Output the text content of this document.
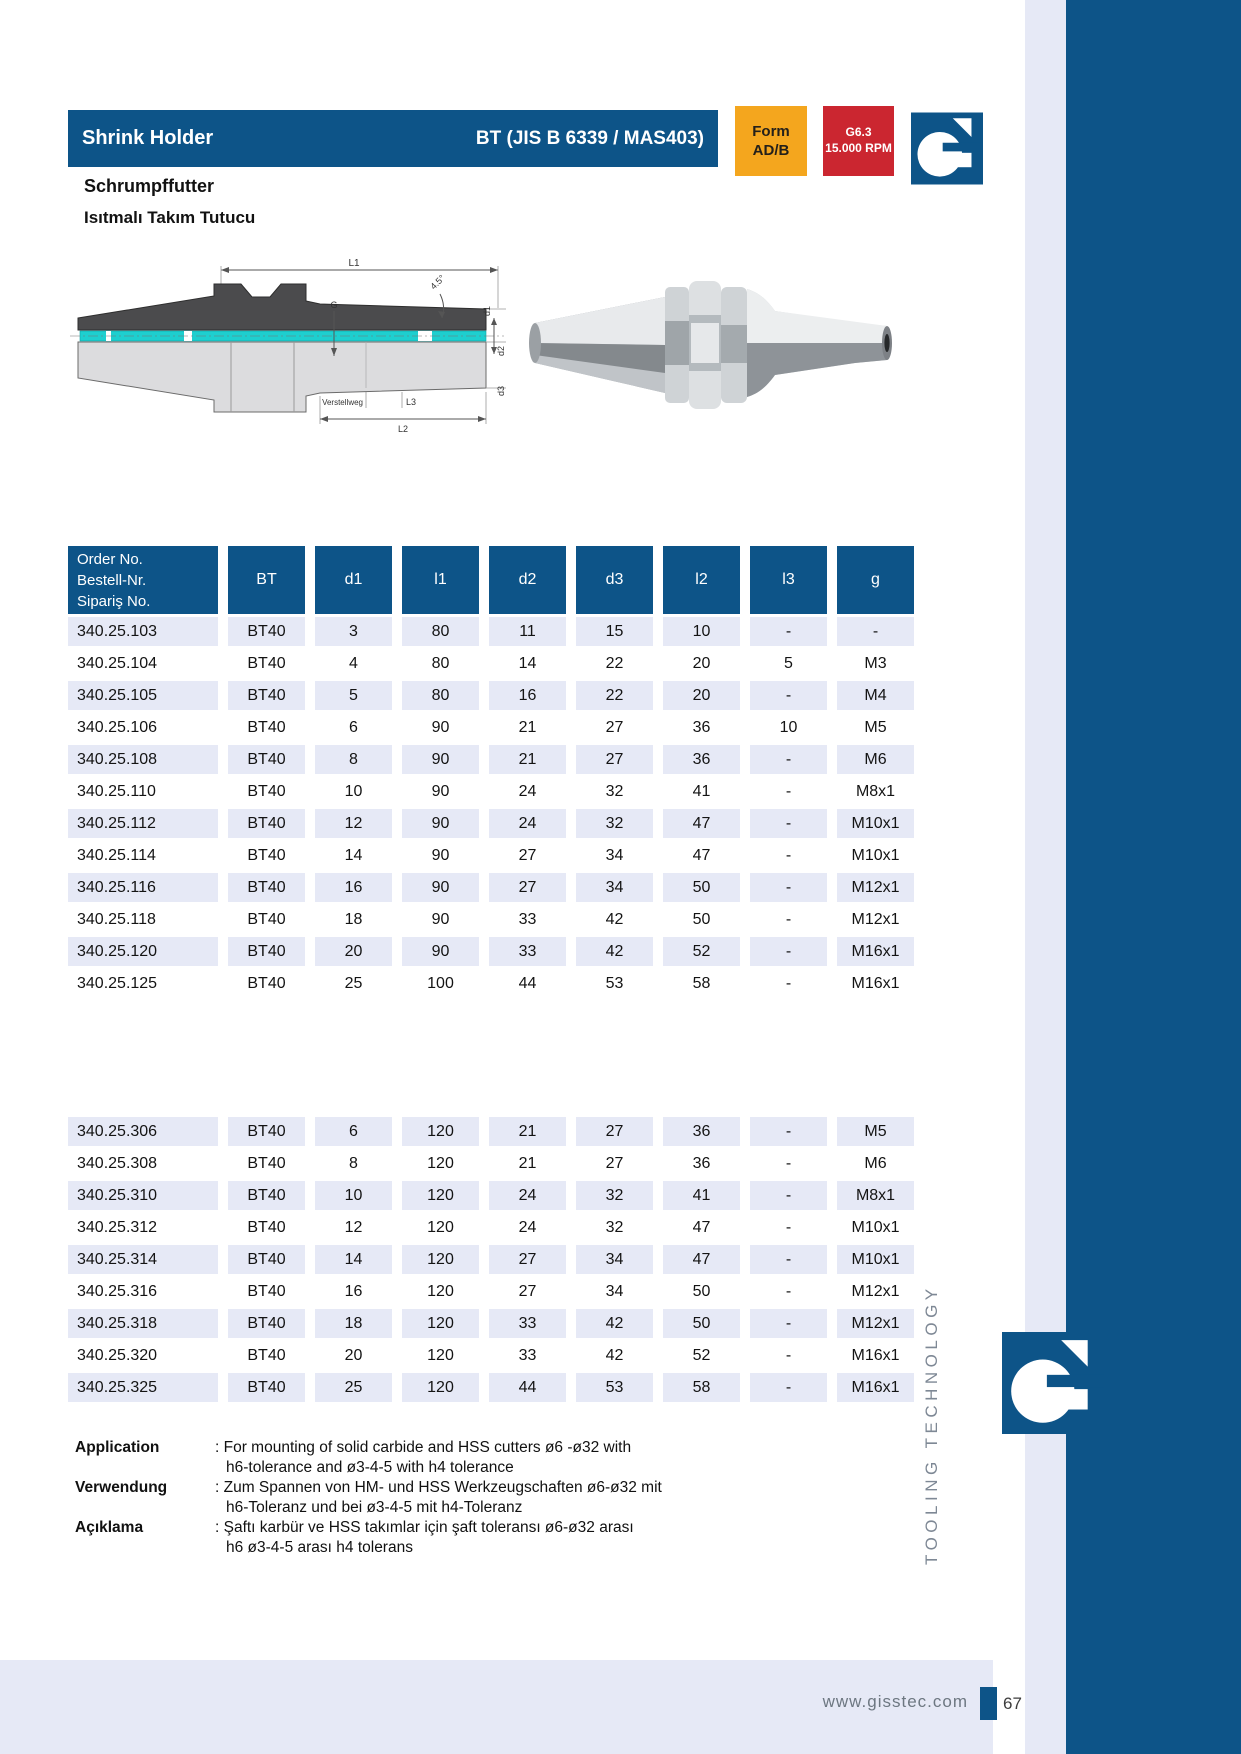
TOOLING TECHNOLOGY
Shrink Holder	BT (JIS B 6339 / MAS403)
Schrumpffutter
Isıtmalı Takım Tutucu
Form
AD/B
G6.3
15.000 RPM
L1
G
4.5°
d1
d2
d3
Verstellweg	L3
L2
Order No.
Bestell-Nr.
Sipariş No.
BT	d1	l1	d2	d3	l2	l3	g
340.25.103	BT40	3	80	11	15	10	-	-
340.25.104	BT40	4	80	14	22	20	5	M3
340.25.105	BT40	5	80	16	22	20	-	M4
340.25.106	BT40	6	90	21	27	36	10	M5
340.25.108	BT40	8	90	21	27	36	-	M6
340.25.110	BT40	10	90	24	32	41	-	M8x1
340.25.112	BT40	12	90	24	32	47	-	M10x1
340.25.114	BT40	14	90	27	34	47	-	M10x1
340.25.116	BT40	16	90	27	34	50	-	M12x1
340.25.118	BT40	18	90	33	42	50	-	M12x1
340.25.120	BT40	20	90	33	42	52	-	M16x1
340.25.125	BT40	25	100	44	53	58	-	M16x1
340.25.306	BT40	6	120	21	27	36	-	M5
340.25.308	BT40	8	120	21	27	36	-	M6
340.25.310	BT40	10	120	24	32	41	-	M8x1
340.25.312	BT40	12	120	24	32	47	-	M10x1
340.25.314	BT40	14	120	27	34	47	-	M10x1
340.25.316	BT40	16	120	27	34	50	-	M12x1
340.25.318	BT40	18	120	33	42	50	-	M12x1
340.25.320	BT40	20	120	33	42	52	-	M16x1
340.25.325	BT40	25	120	44	53	58	-	M16x1
Application	: For mounting of solid carbide and HSS cutters ø6 -ø32 with
h6-tolerance and ø3-4-5 with h4 tolerance
Verwendung	: Zum Spannen von HM- und HSS Werkzeugschaften ø6-ø32 mit
h6-Toleranz und bei ø3-4-5 mit h4-Toleranz
Açıklama	: Şaftı karbür ve HSS takımlar için şaft toleransı ø6-ø32 arası
h6 ø3-4-5 arası h4 tolerans
www.gisstec.com 67
